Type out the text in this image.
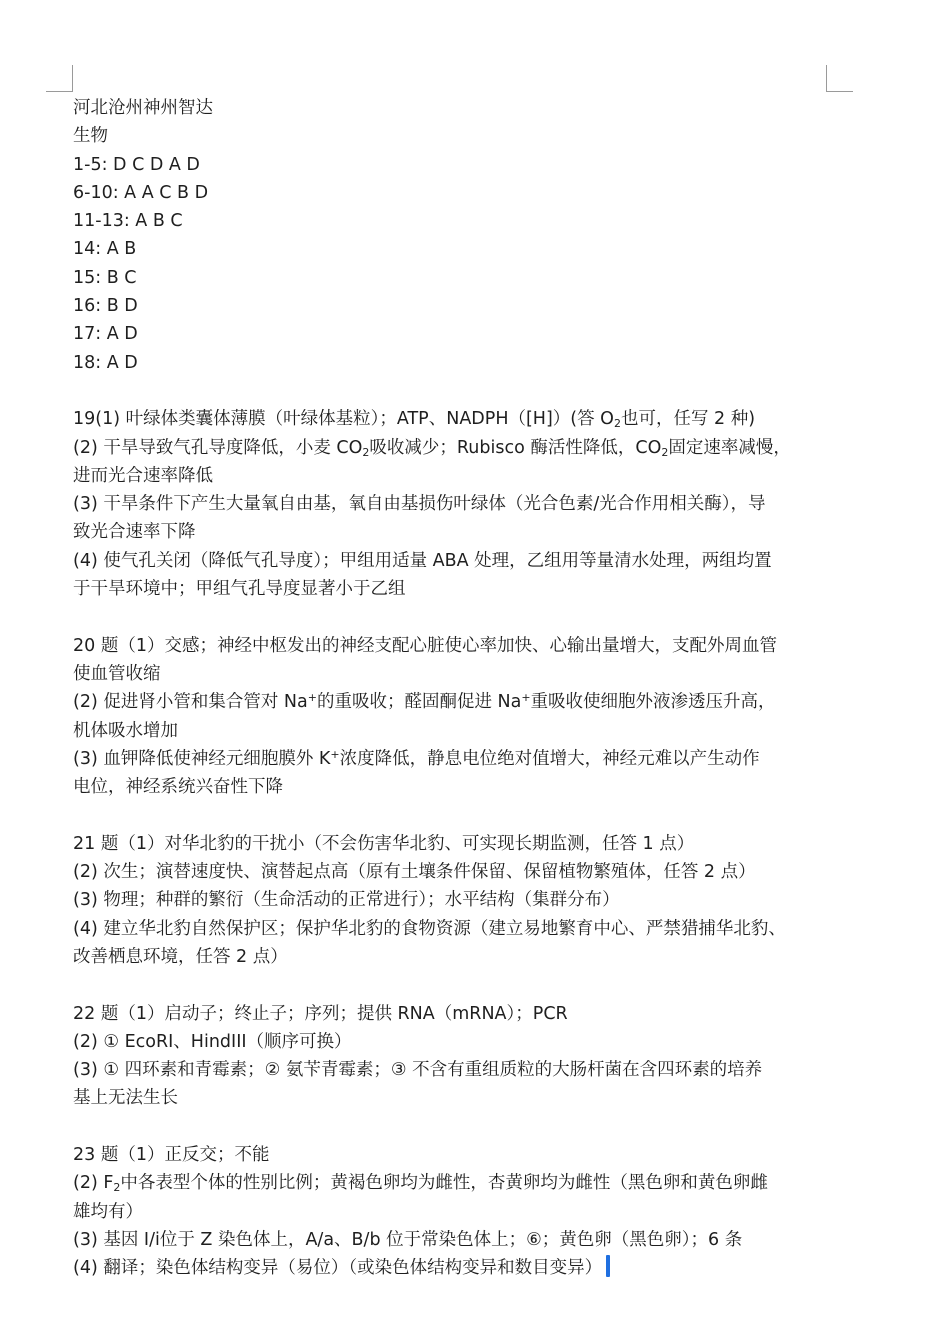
河北沧州神州智达
生物
1-5: D C D A D
6-10: A A C B D
11-13: A B C
14: A B
15: B C
16: B D
17: A D
18: A D
19(1) 叶绿体类囊体薄膜（叶绿体基粒）；ATP、NADPH（[H]）(答 $O_2$也可，任写 2 种)
(2) 干旱导致气孔导度降低，小麦 $CO_2$吸收减少；Rubisco 酶活性降低，$CO_2$固定速率减慢，
进而光合速率降低
(3) 干旱条件下产生大量氧自由基，氧自由基损伤叶绿体（光合色素/光合作用相关酶），导
致光合速率下降
(4) 使气孔关闭（降低气孔导度）；甲组用适量 ABA 处理，乙组用等量清水处理，两组均置
于干旱环境中；甲组气孔导度显著小于乙组
20 题（1）交感；神经中枢发出的神经支配心脏使心率加快、心输出量增大，支配外周血管
使血管收缩
(2) 促进肾小管和集合管对 Na+的重吸收；醛固酮促进 Na+重吸收使细胞外液渗透压升高，
机体吸水增加
(3) 血钾降低使神经元细胞膜外 K+浓度降低，静息电位绝对值增大，神经元难以产生动作
电位，神经系统兴奋性下降
21 题（1）对华北豹的干扰小（不会伤害华北豹、可实现长期监测，任答 1 点）
(2) 次生；演替速度快、演替起点高（原有土壤条件保留、保留植物繁殖体，任答 2 点）
(3) 物理；种群的繁衍（生命活动的正常进行）；水平结构（集群分布）
(4) 建立华北豹自然保护区；保护华北豹的食物资源（建立易地繁育中心、严禁猎捕华北豹、
改善栖息环境，任答 2 点）
22 题（1）启动子；终止子；序列；提供 RNA（mRNA）；PCR
(2) ① EcoRI、HindIII（顺序可换）
(3) ① 四环素和青霉素；② 氨苄青霉素；③ 不含有重组质粒的大肠杆菌在含四环素的培养
基上无法生长
23 题（1）正反交；不能
(2) $F_2$中各表型个体的性别比例；黄褐色卵均为雌性，杏黄卵均为雌性（黑色卵和黄色卵雌
雄均有）
(3) 基因 I/i位于 Z 染色体上，A/a、B/b 位于常染色体上；⑥；黄色卵（黑色卵）；6 条
(4) 翻译；染色体结构变异（易位）（或染色体结构变异和数目变异）
